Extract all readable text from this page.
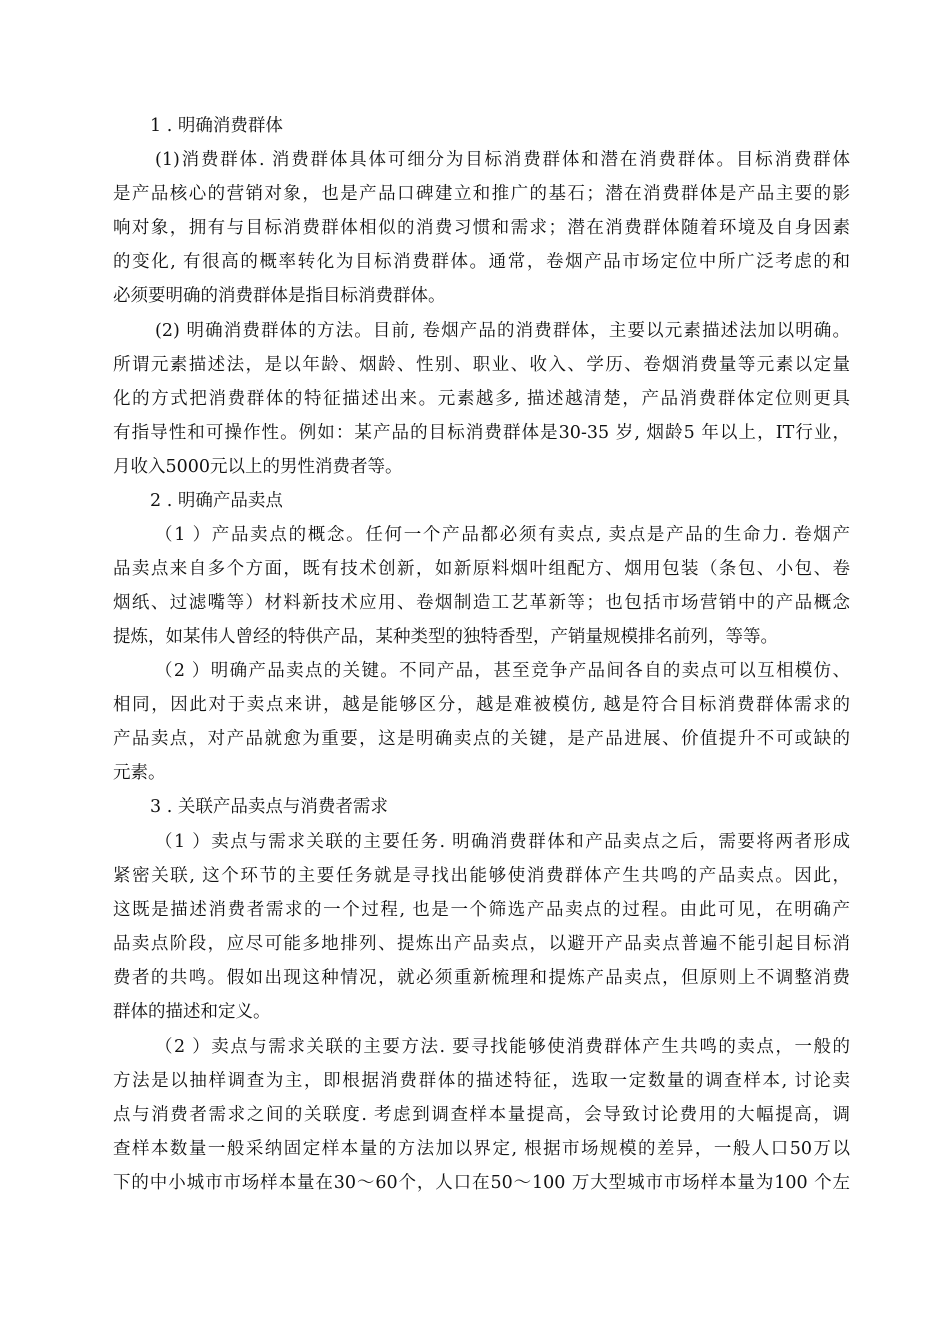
1 . 明确消费群体
(1)消费群体. 消费群体具体可细分为目标消费群体和潜在消费群体。目标消费群体
是产品核心的营销对象，也是产品口碑建立和推广的基石；潜在消费群体是产品主要的影
响对象，拥有与目标消费群体相似的消费习惯和需求；潜在消费群体随着环境及自身因素
的变化, 有很高的概率转化为目标消费群体。通常，卷烟产品市场定位中所广泛考虑的和
必须要明确的消费群体是指目标消费群体。
(2) 明确消费群体的方法。目前, 卷烟产品的消费群体，主要以元素描述法加以明确。
所谓元素描述法，是以年龄、烟龄、性别、职业、收入、学历、卷烟消费量等元素以定量
化的方式把消费群体的特征描述出来。元素越多, 描述越清楚，产品消费群体定位则更具
有指导性和可操作性。例如：某产品的目标消费群体是30-35 岁, 烟龄5 年以上，IT行业，
月收入5000元以上的男性消费者等。
2 . 明确产品卖点
（1 ）产品卖点的概念。任何一个产品都必须有卖点, 卖点是产品的生命力. 卷烟产
品卖点来自多个方面，既有技术创新，如新原料烟叶组配方、烟用包装（条包、小包、卷
烟纸、过滤嘴等）材料新技术应用、卷烟制造工艺革新等；也包括市场营销中的产品概念
提炼，如某伟人曾经的特供产品，某种类型的独特香型，产销量规模排名前列，等等。
（2 ）明确产品卖点的关键。不同产品，甚至竞争产品间各自的卖点可以互相模仿、
相同，因此对于卖点来讲，越是能够区分，越是难被模仿, 越是符合目标消费群体需求的
产品卖点，对产品就愈为重要，这是明确卖点的关键，是产品进展、价值提升不可或缺的
元素。
3 . 关联产品卖点与消费者需求
（1 ）卖点与需求关联的主要任务. 明确消费群体和产品卖点之后，需要将两者形成
紧密关联, 这个环节的主要任务就是寻找出能够使消费群体产生共鸣的产品卖点。因此，
这既是描述消费者需求的一个过程, 也是一个筛选产品卖点的过程。由此可见，在明确产
品卖点阶段，应尽可能多地排列、提炼出产品卖点，以避开产品卖点普遍不能引起目标消
费者的共鸣。假如出现这种情况，就必须重新梳理和提炼产品卖点，但原则上不调整消费
群体的描述和定义。
（2 ）卖点与需求关联的主要方法. 要寻找能够使消费群体产生共鸣的卖点，一般的
方法是以抽样调查为主，即根据消费群体的描述特征，选取一定数量的调查样本, 讨论卖
点与消费者需求之间的关联度. 考虑到调查样本量提高，会导致讨论费用的大幅提高，调
查样本数量一般采纳固定样本量的方法加以界定, 根据市场规模的差异，一般人口50万以
下的中小城市市场样本量在30～60个，人口在50～100 万大型城市市场样本量为100 个左
